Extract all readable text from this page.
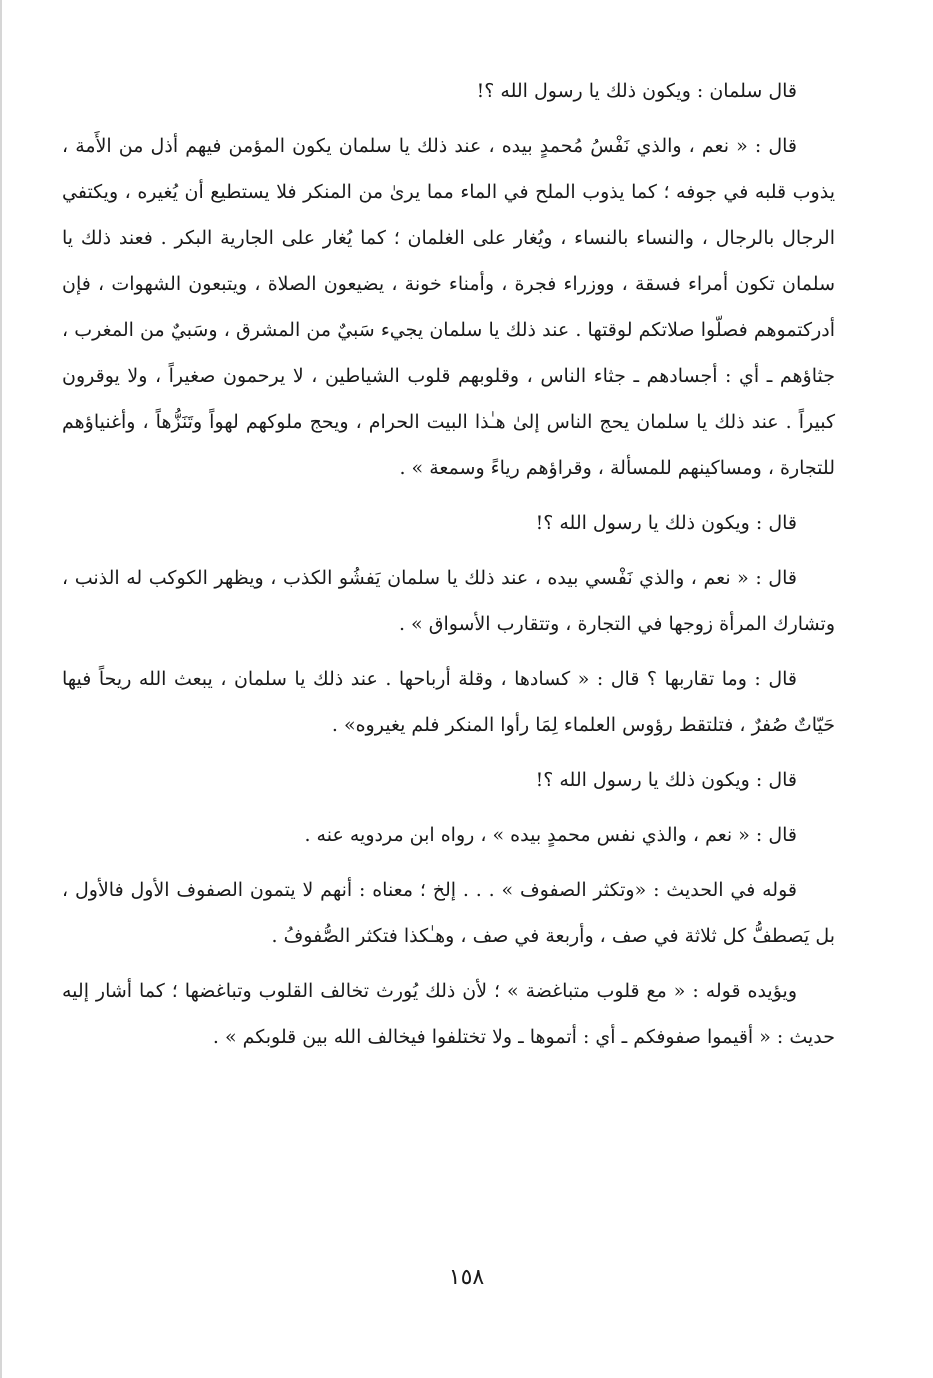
قال سلمان : ويكون ذلك يا رسول الله ؟!

قال : « نعم ، والذي نَفْسُ مُحمدٍ بيده ، عند ذلك يا سلمان يكون المؤمن فيهم أذل من الأَمة ، يذوب قلبه في جوفه ؛ كما يذوب الملح في الماء مما يرىٰ من المنكر فلا يستطيع أن يُغيره ، ويكتفي الرجال بالرجال ، والنساء بالنساء ، ويُغار على الغلمان ؛ كما يُغار على الجارية البكر . فعند ذلك يا سلمان تكون أمراء فسقة ، ووزراء فجرة ، وأمناء خونة ، يضيعون الصلاة ، ويتبعون الشهوات ، فإن أدركتموهم فصلّوا صلاتكم لوقتها . عند ذلك يا سلمان يجيء سَبيٌ من المشرق ، وسَبيٌ من المغرب ، جثاؤهم ـ أي : أجسادهم ـ جثاء الناس ، وقلوبهم قلوب الشياطين ، لا يرحمون صغيراً ، ولا يوقرون كبيراً . عند ذلك يا سلمان يحج الناس إلىٰ هـٰذا البيت الحرام ، ويحج ملوكهم لهواً وتَنَزُّهاً ، وأغنياؤهم للتجارة ، ومساكينهم للمسألة ، وقراؤهم رياءً وسمعة » .

قال : ويكون ذلك يا رسول الله ؟!

قال : « نعم ، والذي نَفْسي بيده ، عند ذلك يا سلمان يَفشُو الكذب ، ويظهر الكوكب له الذنب ، وتشارك المرأة زوجها في التجارة ، وتتقارب الأسواق » .

قال : وما تقاربها ؟ قال : « كسادها ، وقلة أرباحها . عند ذلك يا سلمان ، يبعث الله ريحاً فيها حَيّاتٌ صُفرٌ ، فتلتقط رؤوس العلماء لِمَا رأوا المنكر فلم يغيروه» .

قال : ويكون ذلك يا رسول الله ؟!

قال : « نعم ، والذي نفس محمدٍ بيده » ، رواه ابن مردويه عنه .

قوله في الحديث : «وتكثر الصفوف » . . . إلخ ؛ معناه : أنهم لا يتمون الصفوف الأول فالأول ، بل يَصطفُّ كل ثلاثة في صف ، وأربعة في صف ، وهـٰكذا فتكثر الصُّفوفُ .

ويؤيده قوله : « مع قلوب متباغضة » ؛ لأن ذلك يُورث تخالف القلوب وتباغضها ؛ كما أشار إليه حديث : « أقيموا صفوفكم ـ أي : أتموها ـ ولا تختلفوا فيخالف الله بين قلوبكم » .

١٥٨
